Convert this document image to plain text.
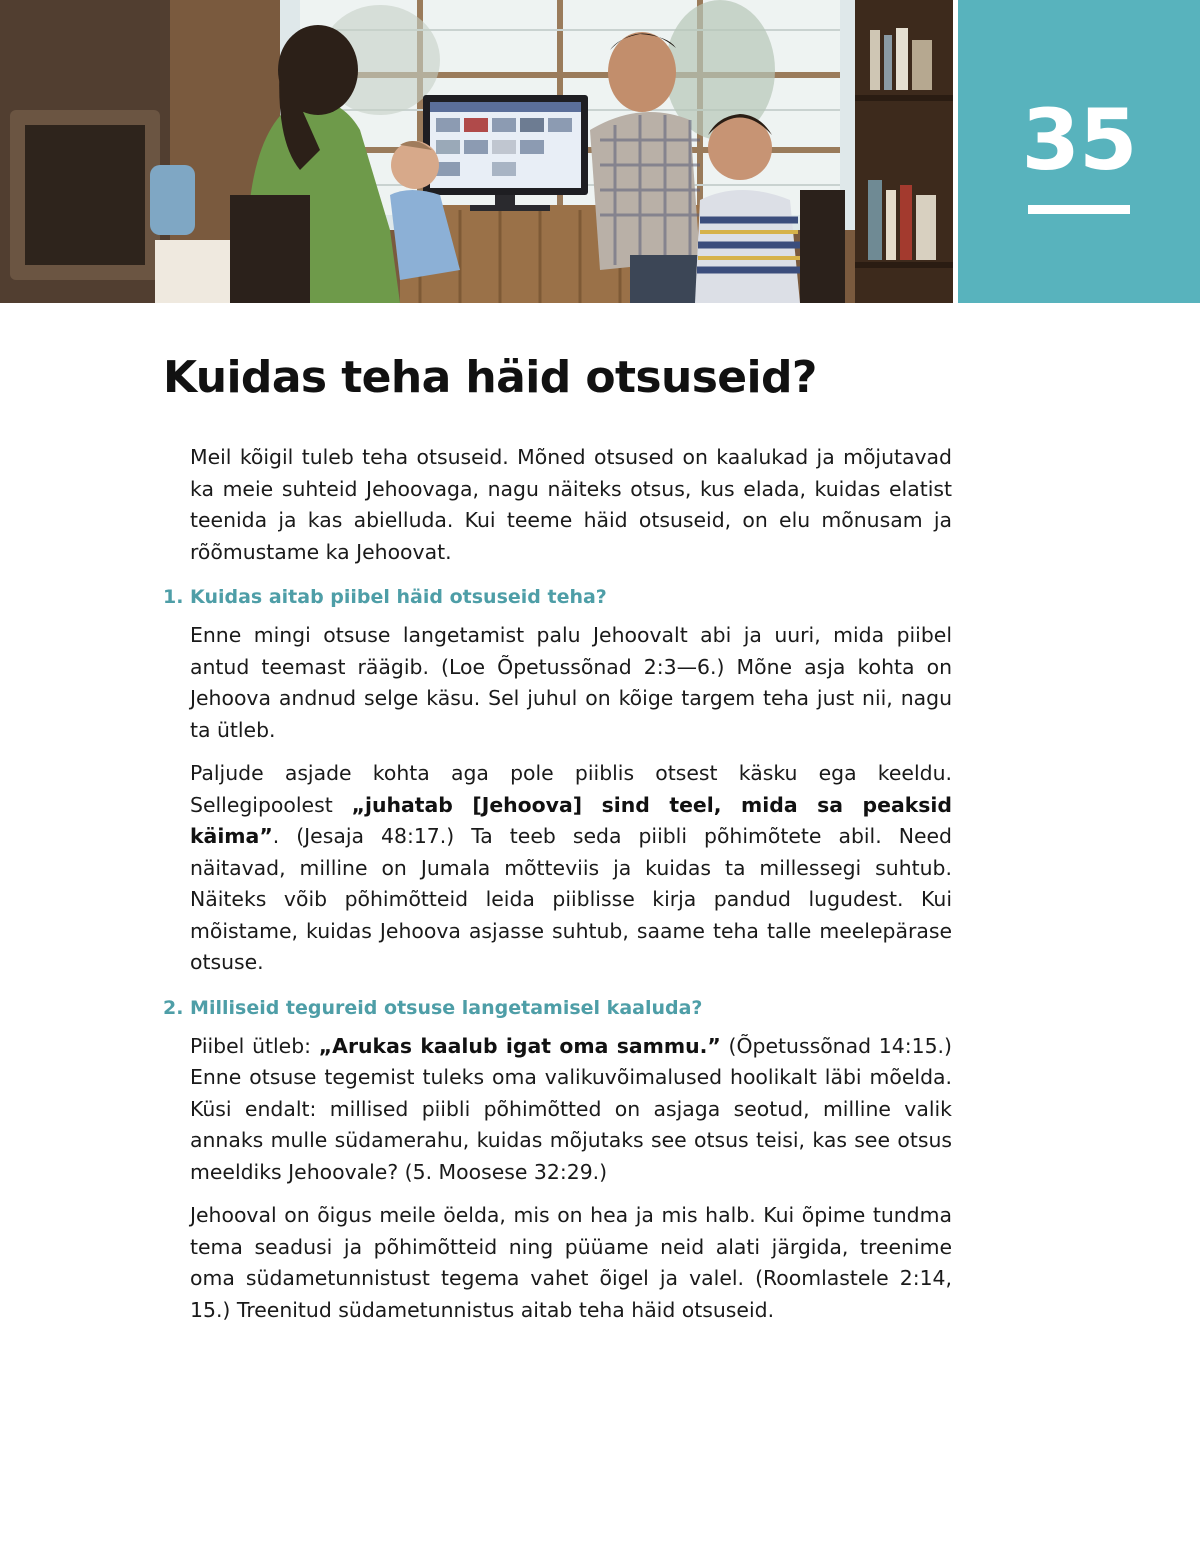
35
Kuidas teha häid otsuseid?

Meil kõigil tuleb teha otsuseid. Mõned otsused on kaalukad ja mõjutavad ka meie suhteid Jehoovaga, nagu näiteks otsus, kus elada, kuidas elatist teenida ja kas abielluda. Kui teeme häid otsuseid, on elu mõnusam ja rõõmustame ka Jehoovat.

1. Kuidas aitab piibel häid otsuseid teha?

Enne mingi otsuse langetamist palu Jehoovalt abi ja uuri, mida piibel antud teemast räägib. (Loe Õpetussõnad 2:3—6.) Mõne asja kohta on Jehoova andnud selge käsu. Sel juhul on kõige targem teha just nii, nagu ta ütleb.

Paljude asjade kohta aga pole piiblis otsest käsku ega keeldu. Sellegipoolest „juhatab [Jehoova] sind teel, mida sa peaksid käima”. (Jesaja 48:17.) Ta teeb seda piibli põhimõtete abil. Need näitavad, milline on Jumala mõtteviis ja kuidas ta millessegi suhtub. Näiteks võib põhimõtteid leida piiblisse kirja pandud lugudest. Kui mõistame, kuidas Jehoova asjasse suhtub, saame teha talle meelepärase otsuse.

2. Milliseid tegureid otsuse langetamisel kaaluda?

Piibel ütleb: „Arukas kaalub igat oma sammu.” (Õpetussõnad 14:15.) Enne otsuse tegemist tuleks oma valikuvõimalused hoolikalt läbi mõelda. Küsi endalt: millised piibli põhimõtted on asjaga seotud, milline valik annaks mulle südamerahu, kuidas mõjutaks see otsus teisi, kas see otsus meeldiks Jehoovale? (5. Moosese 32:29.)

Jehooval on õigus meile öelda, mis on hea ja mis halb. Kui õpime tundma tema seadusi ja põhimõtteid ning püüame neid alati järgida, treenime oma südametunnistust tegema vahet õigel ja valel. (Roomlastele 2:14, 15.) Treenitud südametunnistus aitab teha häid otsuseid.
